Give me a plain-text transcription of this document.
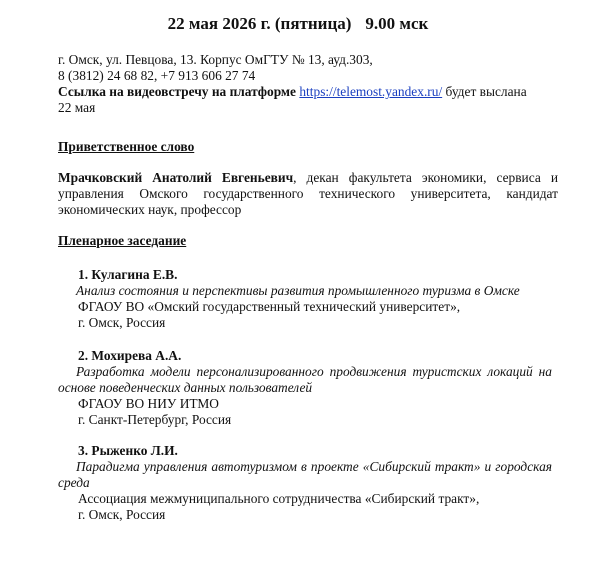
22 мая 2026 г. (пятница) 9.00 мск
г. Омск, ул. Певцова, 13. Корпус ОмГТУ № 13, ауд.303,
8 (3812) 24 68 82, +7 913 606 27 74
Ссылка на видеовстречу на платформе https://telemost.yandex.ru/ будет выслана
22 мая
Приветственное слово
Мрачковский Анатолий Евгеньевич, декан факультета экономики, сервиса и управления Омского государственного технического университета, кандидат экономических наук, профессор
Пленарное заседание
1. Кулагина Е.В.
Анализ состояния и перспективы развития промышленного туризма в Омске
ФГАОУ ВО «Омский государственный технический университет»,
г. Омск, Россия
2. Мохирева А.А.
Разработка модели персонализированного продвижения туристских локаций на основе поведенческих данных пользователей
ФГАОУ ВО НИУ ИТМО
г. Санкт-Петербург, Россия
3. Рыженко Л.И.
Парадигма управления автотуризмом в проекте «Сибирский тракт» и городская среда
Ассоциация межмуниципального сотрудничества «Сибирский тракт»,
г. Омск, Россия
